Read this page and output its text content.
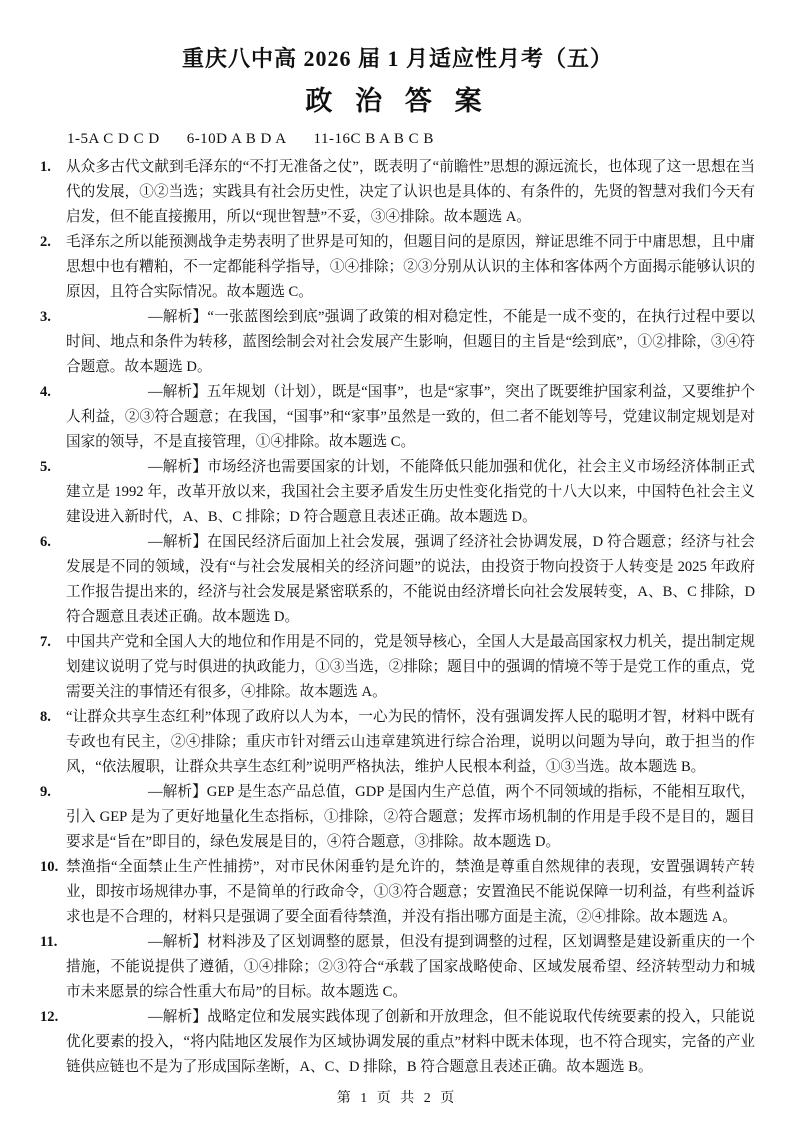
重庆八中高 2026 届 1 月适应性月考（五）
政 治 答 案
1-5A C D C D 6-10D A B D A 11-16C B A B C B
1. 从众多古代文献到毛泽东的“不打无准备之仗”，既表明了“前瞻性”思想的源远流长，也体现了这一思想在当代的发展，①②当选；实践具有社会历史性，决定了认识也是具体的、有条件的，先贤的智慧对我们今天有启发，但不能直接搬用，所以“现世智慧”不妥，③④排除。故本题选 A。

2. 毛泽东之所以能预测战争走势表明了世界是可知的，但题目问的是原因，辩证思维不同于中庸思想，且中庸思想中也有糟粕，不一定都能科学指导，①④排除；②③分别从认识的主体和客体两个方面揭示能够认识的原因，且符合实际情况。故本题选 C。

3.	—解析】“一张蓝图绘到底”强调了政策的相对稳定性，不能是一成不变的，在执行过程中要以时间、地点和条件为转移，蓝图绘制会对社会发展产生影响，但题目的主旨是“绘到底”，①②排除，③④符合题意。故本题选 D。

4.	—解析】五年规划（计划），既是“国事”，也是“家事”，突出了既要维护国家利益，又要维护个人利益，②③符合题意；在我国，“国事”和“家事”虽然是一致的，但二者不能划等号，党建议制定规划是对国家的领导，不是直接管理，①④排除。故本题选 C。

5.	—解析】市场经济也需要国家的计划，不能降低只能加强和优化，社会主义市场经济体制正式建立是 1992 年，改革开放以来，我国社会主要矛盾发生历史性变化指党的十八大以来，中国特色社会主义建设进入新时代，A、B、C 排除；D 符合题意且表述正确。故本题选 D。

6.	—解析】在国民经济后面加上社会发展，强调了经济社会协调发展，D 符合题意；经济与社会发展是不同的领域，没有“与社会发展相关的经济问题”的说法，由投资于物向投资于人转变是 2025 年政府工作报告提出来的，经济与社会发展是紧密联系的，不能说由经济增长向社会发展转变，A、B、C 排除，D 符合题意且表述正确。故本题选 D。

7. 中国共产党和全国人大的地位和作用是不同的，党是领导核心，全国人大是最高国家权力机关，提出制定规划建议说明了党与时俱进的执政能力，①③当选，②排除；题目中的强调的情境不等于是党工作的重点，党需要关注的事情还有很多，④排除。故本题选 A。

8. “让群众共享生态红利”体现了政府以人为本，一心为民的情怀，没有强调发挥人民的聪明才智，材料中既有专政也有民主，②④排除；重庆市针对缙云山违章建筑进行综合治理，说明以问题为导向，敢于担当的作风，“依法履职，让群众共享生态红利”说明严格执法，维护人民根本利益，①③当选。故本题选 B。

9.	—解析】GEP 是生态产品总值，GDP 是国内生产总值，两个不同领域的指标，不能相互取代，引入 GEP 是为了更好地量化生态指标，①排除，②符合题意；发挥市场机制的作用是手段不是目的，题目要求是“旨在”即目的，绿色发展是目的，④符合题意，③排除。故本题选 D。

10. 禁渔指“全面禁止生产性捕捞”，对市民休闲垂钓是允许的，禁渔是尊重自然规律的表现，安置强调转产转业，即按市场规律办事，不是简单的行政命令，①③符合题意；安置渔民不能说保障一切利益，有些利益诉求也是不合理的，材料只是强调了要全面看待禁渔，并没有指出哪方面是主流，②④排除。故本题选 A。

11.	—解析】材料涉及了区划调整的愿景，但没有提到调整的过程，区划调整是建设新重庆的一个措施，不能说提供了遵循，①④排除；②③符合“承载了国家战略使命、区域发展希望、经济转型动力和城市未来愿景的综合性重大布局”的目标。故本题选 C。

12.	—解析】战略定位和发展实践体现了创新和开放理念，但不能说取代传统要素的投入，只能说优化要素的投入，“将内陆地区发展作为区域协调发展的重点”材料中既未体现，也不符合现实，完备的产业链供应链也不是为了形成国际垄断，A、C、D 排除，B 符合题意且表述正确。故本题选 B。

第 1 页 共 2 页
